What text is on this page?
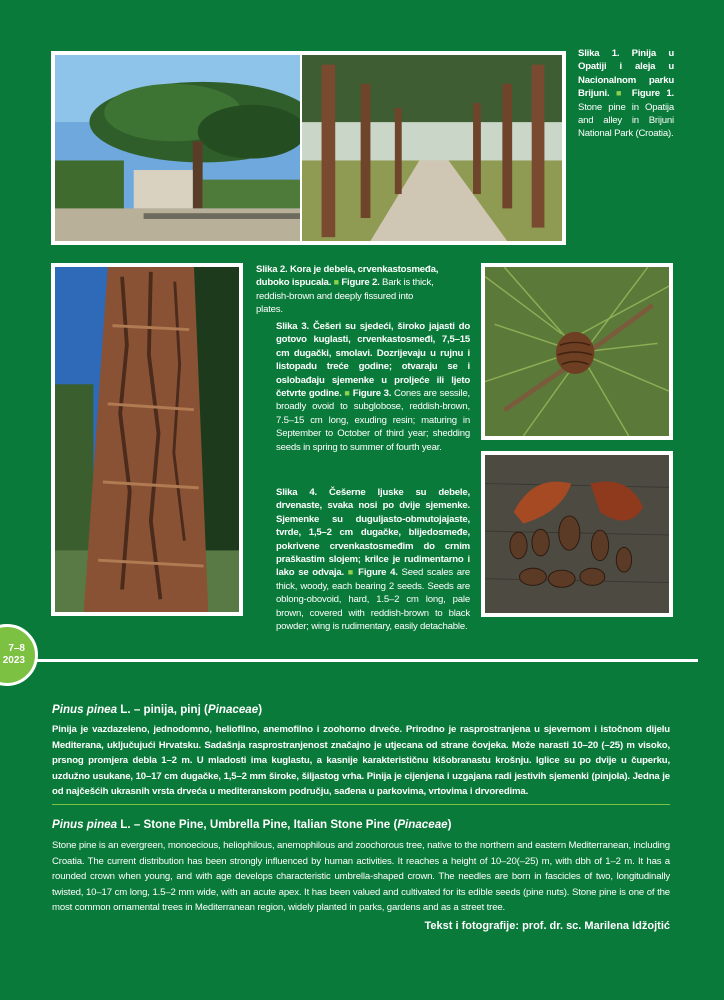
Slika 1. Pinija u Opatiji i aleja u Nacionalnom parku Brijuni. ■ Figure 1. Stone pine in Opatija and alley in Brijuni National Park (Croatia).
Slika 2. Kora je debela, crvenkastosmeđa, duboko ispucala. ■ Figure 2. Bark is thick, reddish-brown and deeply fissured into plates.
Slika 3. Češeri su sjedeći, široko jajasti do gotovo kuglasti, crvenkastosmeđi, 7,5–15 cm dugački, smolavi. Dozrijevaju u rujnu i listopadu treće godine; otvaraju se i oslobađaju sjemenke u proljeće ili ljeto četvrte godine. ■ Figure 3. Cones are sessile, broadly ovoid to subglobose, reddish-brown, 7.5–15 cm long, exuding resin; maturing in September to October of third year; shedding seeds in spring to summer of fourth year.
Slika 4. Češerne ljuske su debele, drvenaste, svaka nosi po dvije sjemenke. Sjemenke su duguljasto-obmutojajaste, tvrde, 1,5–2 cm dugačke, blijedosmeđe, pokrivene crvenkastosmeđim do crnim praškastim slojem; krilce je rudimentarno i lako se odvaja. ■ Figure 4. Seed scales are thick, woody, each bearing 2 seeds. Seeds are oblong-obovoid, hard, 1.5–2 cm long, pale brown, covered with reddish-brown to black powder; wing is rudimentary, easily detachable.
7–8
2023
Pinus pinea L. – pinija, pinj (Pinaceae)
Pinija je vazdazeleno, jednodomno, heliofilno, anemofilno i zoohorno drveće. Prirodno je rasprostranjena u sjevernom i istočnom dijelu Mediterana, uključujući Hrvatsku. Sadašnja rasprostranjenost značajno je utjecana od strane čovjeka. Može narasti 10–20 (–25) m visoko, prsnog promjera debla 1–2 m. U mladosti ima kuglastu, a kasnije karakterističnu kišobranastu krošnju. Iglice su po dvije u čuperku, uzdužno usukane, 10–17 cm dugačke, 1,5–2 mm široke, šiljastog vrha. Pinija je cijenjena i uzgajana radi jestivih sjemenki (pinjola). Jedna je od najčešćih ukrasnih vrsta drveća u mediteranskom području, sađena u parkovima, vrtovima i drvoredima.
Pinus pinea L. – Stone Pine, Umbrella Pine, Italian Stone Pine (Pinaceae)
Stone pine is an evergreen, monoecious, heliophilous, anemophilous and zoochorous tree, native to the northern and eastern Mediterranean, including Croatia. The current distribution has been strongly influenced by human activities. It reaches a height of 10–20(–25) m, with dbh of 1–2 m. It has a rounded crown when young, and with age develops characteristic umbrella-shaped crown. The needles are born in fascicles of two, longitudinally twisted, 10–17 cm long, 1.5–2 mm wide, with an acute apex. It has been valued and cultivated for its edible seeds (pine nuts). Stone pine is one of the most common ornamental trees in Mediterranean region, widely planted in parks, gardens and as a street tree.
Tekst i fotografije: prof. dr. sc. Marilena Idžojtić
